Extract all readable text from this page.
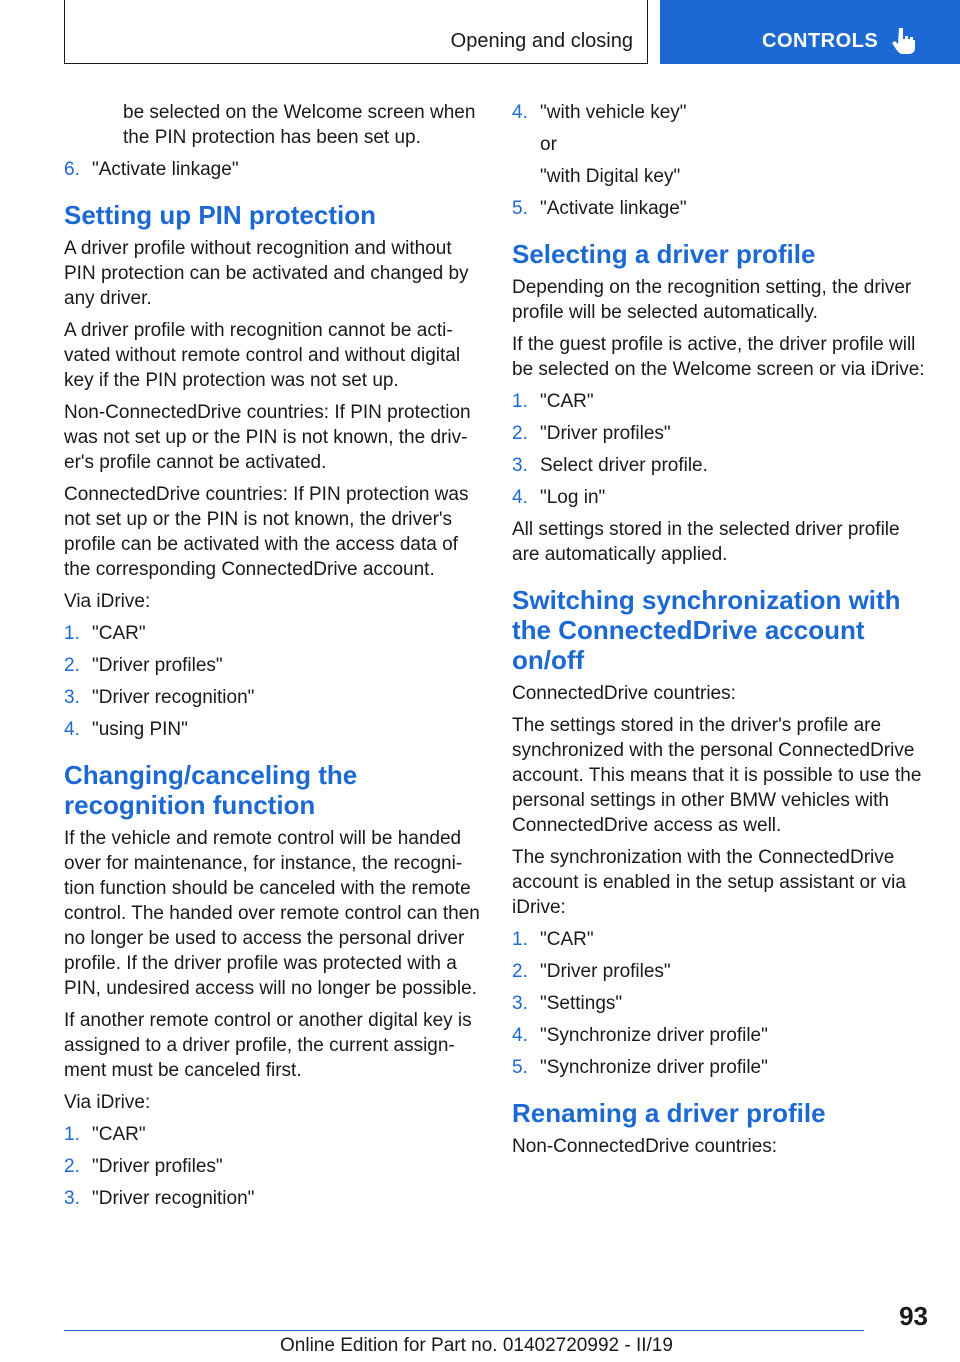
Opening and closing	CONTROLS

be selected on the Welcome screen when the PIN protection has been set up.

6. "Activate linkage"
Setting up PIN protection

A driver profile without recognition and without PIN protection can be activated and changed by any driver.

A driver profile with recognition cannot be acti‐vated without remote control and without digital key if the PIN protection was not set up.

Non-ConnectedDrive countries: If PIN protection was not set up or the PIN is not known, the driv‐er's profile cannot be activated.

ConnectedDrive countries: If PIN protection was not set up or the PIN is not known, the driver's profile can be activated with the access data of the corresponding ConnectedDrive account.

Via iDrive:

1. "CAR"
2. "Driver profiles"
3. "Driver recognition"
4. "using PIN"
Changing/canceling the recognition function

If the vehicle and remote control will be handed over for maintenance, for instance, the recogni‐tion function should be canceled with the remote control. The handed over remote control can then no longer be used to access the personal driver profile. If the driver profile was protected with a PIN, undesired access will no longer be possible.

If another remote control or another digital key is assigned to a driver profile, the current assign‐ment must be canceled first.

Via iDrive:

1. "CAR"
2. "Driver profiles"
3. "Driver recognition"
4. "with vehicle key"
or
"with Digital key"
5. "Activate linkage"
Selecting a driver profile

Depending on the recognition setting, the driver profile will be selected automatically.

If the guest profile is active, the driver profile will be selected on the Welcome screen or via iDrive:

1. "CAR"
2. "Driver profiles"
3. Select driver profile.
4. "Log in"

All settings stored in the selected driver profile are automatically applied.

Switching synchronization with the ConnectedDrive account on/off

ConnectedDrive countries:

The settings stored in the driver's profile are synchronized with the personal ConnectedDrive account. This means that it is possible to use the personal settings in other BMW vehicles with ConnectedDrive access as well.

The synchronization with the ConnectedDrive account is enabled in the setup assistant or via iDrive:

1. "CAR"
2. "Driver profiles"
3. "Settings"
4. "Synchronize driver profile"
5. "Synchronize driver profile"
Renaming a driver profile

Non-ConnectedDrive countries:

93
Online Edition for Part no. 01402720992 - II/19
